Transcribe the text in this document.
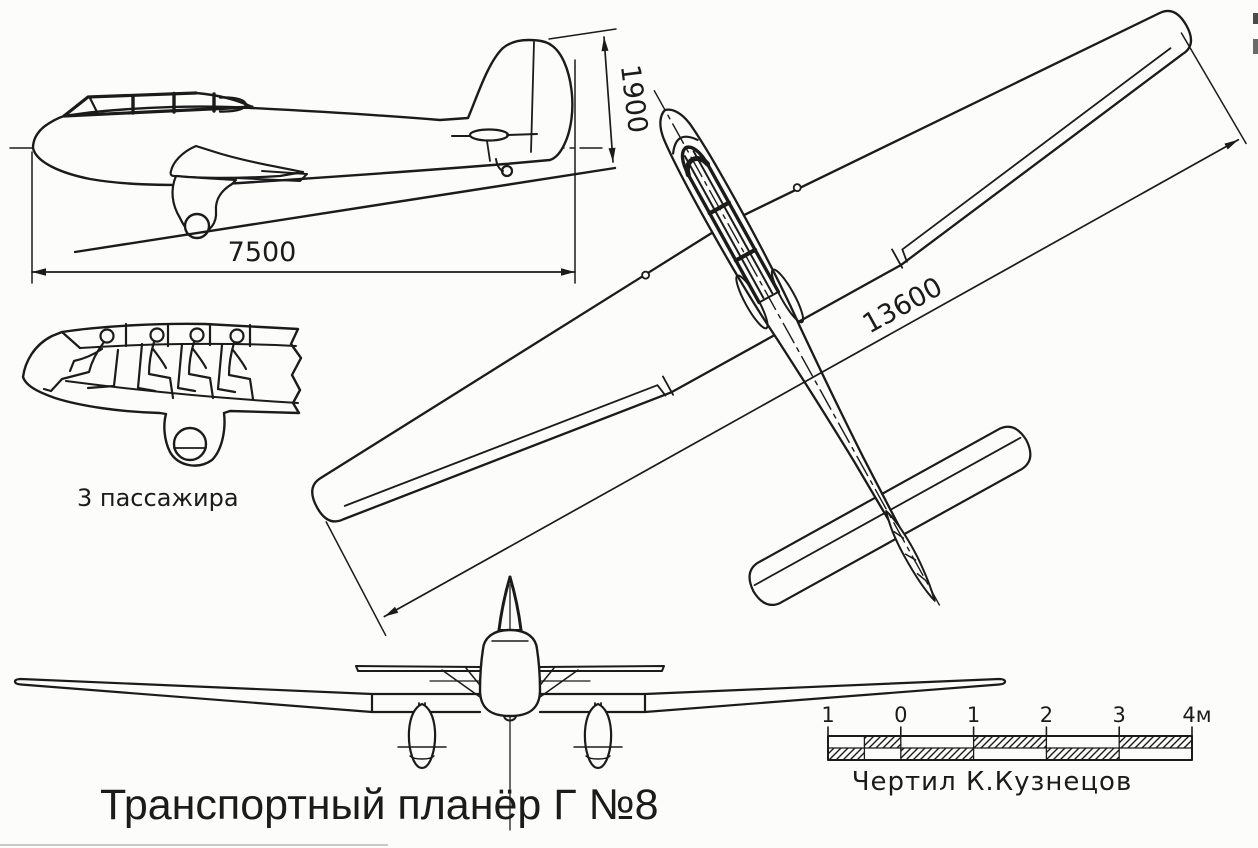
7500
1900
3 пассажира
13600
1	0	1	2	3	4м
Чертил К.Кузнецов
Транспортный планёр Г №8
